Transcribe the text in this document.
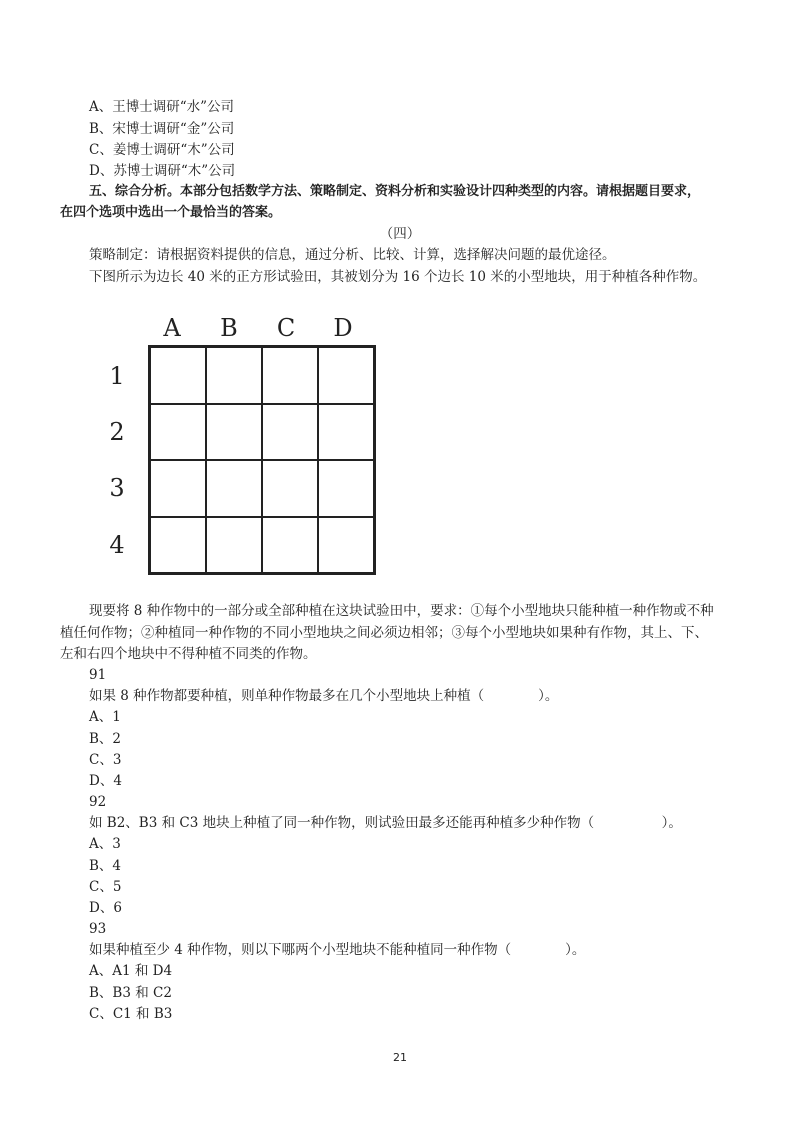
A、王博士调研“水”公司
B、宋博士调研“金”公司
C、姜博士调研“木”公司
D、苏博士调研“木”公司
五、综合分析。本部分包括数学方法、策略制定、资料分析和实验设计四种类型的内容。请根据题目要求，
在四个选项中选出一个最恰当的答案。
（四）
策略制定：请根据资料提供的信息，通过分析、比较、计算，选择解决问题的最优途径。
下图所示为边长 40 米的正方形试验田，其被划分为 16 个边长 10 米的小型地块，用于种植各种作物。
A B C D
1
2
3
4
现要将 8 种作物中的一部分或全部种植在这块试验田中，要求：①每个小型地块只能种植一种作物或不种
植任何作物；②种植同一种作物的不同小型地块之间必须边相邻；③每个小型地块如果种有作物，其上、下、
左和右四个地块中不得种植不同类的作物。
91
如果 8 种作物都要种植，则单种作物最多在几个小型地块上种植（　　　　）。
A、1
B、2
C、3
D、4
92
如 B2、B3 和 C3 地块上种植了同一种作物，则试验田最多还能再种植多少种作物（　　　　　）。
A、3
B、4
C、5
D、6
93
如果种植至少 4 种作物，则以下哪两个小型地块不能种植同一种作物（　　　　）。
A、A1 和 D4
B、B3 和 C2
C、C1 和 B3
21
